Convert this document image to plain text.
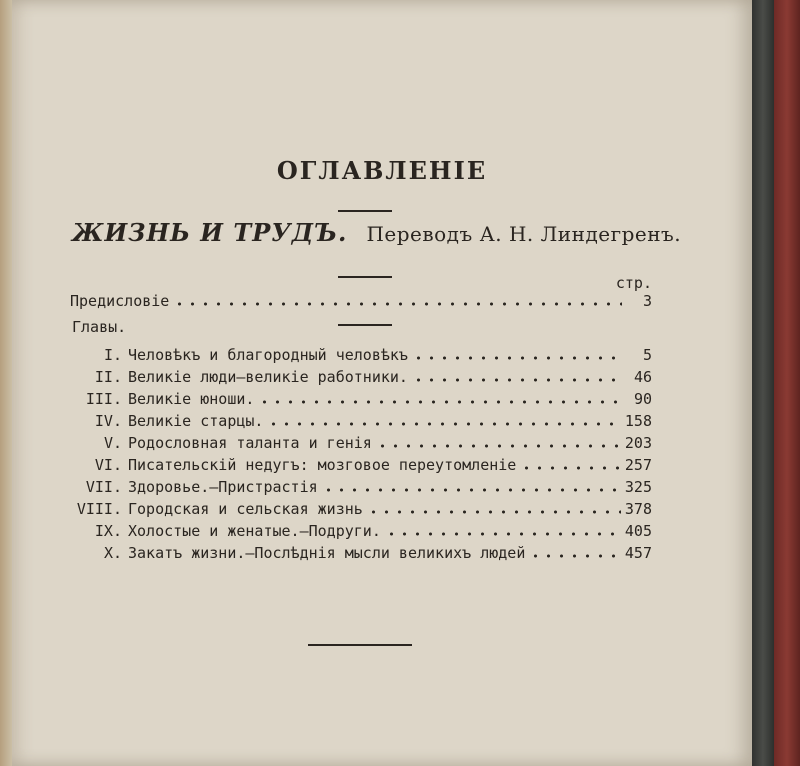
ОГЛАВЛЕНIЕ
ЖИЗНЬ И ТРУДЪ. Переводъ А. Н. Линдегренъ.
стр.
Предисловiе	3
Главы.
I. Человѣкъ и благородный человѣкъ	5
II. Великiе люди—великiе работники.	46
III. Великiе юноши.	90
IV. Великiе старцы.	158
V. Родословная таланта и генiя	203
VI. Писательскiй недугъ: мозговое переутомленiе	257
VII. Здоровье.—Пристрастiя	325
VIII. Городская и сельская жизнь	378
IX. Холостые и женатые.—Подруги.	405
X. Закатъ жизни.—Послѣднiя мысли великихъ людей	457
